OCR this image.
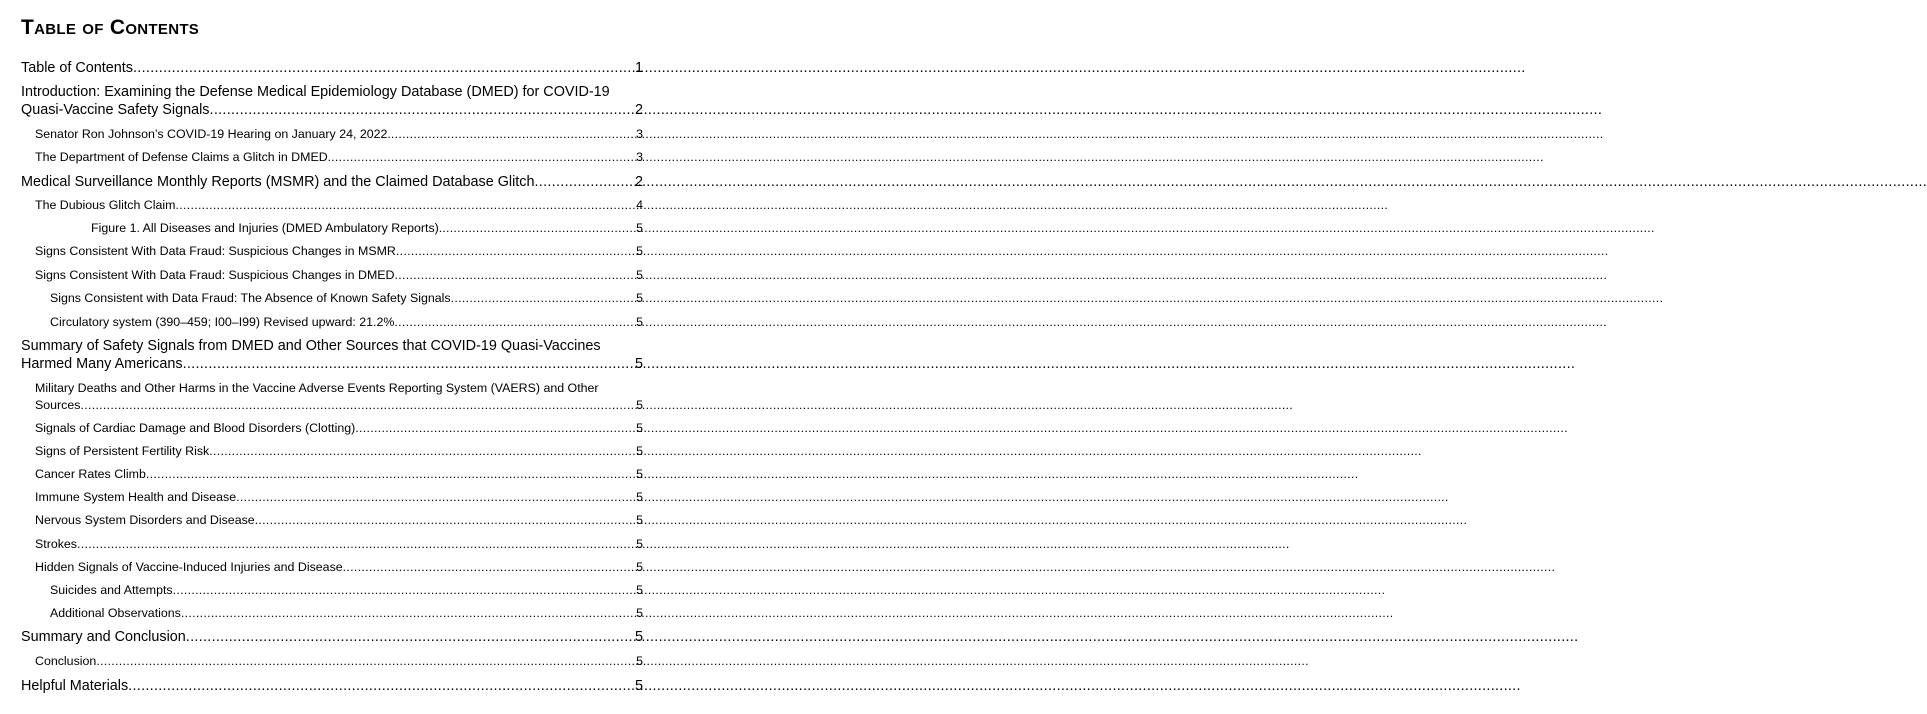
Table of Contents
Table of Contents .....	1
Introduction: Examining the Defense Medical Epidemiology Database (DMED) for COVID-19
Quasi-Vaccine Safety Signals .....	2
Senator Ron Johnson’s COVID-19 Hearing on January 24, 2022. .....	3
The Department of Defense Claims a Glitch in DMED. .....	3
Medical Surveillance Monthly Reports (MSMR) and the Claimed Database Glitch .....	2
The Dubious Glitch Claim .....	4
Figure 1. All Diseases and Injuries (DMED Ambulatory Reports). .....	5
Signs Consistent With Data Fraud: Suspicious Changes in MSMR .....	5
Signs Consistent With Data Fraud: Suspicious Changes in DMED .....	5
Signs Consistent with Data Fraud: The Absence of Known Safety Signals .....	5
Circulatory system (390–459; I00–I99) Revised upward: 21.2% .....	5
Summary of Safety Signals from DMED and Other Sources that COVID-19 Quasi-Vaccines
Harmed Many Americans .....	5
Military Deaths and Other Harms in the Vaccine Adverse Events Reporting System (VAERS) and Other
Sources .....	5
Signals of Cardiac Damage and Blood Disorders (Clotting) .....	5
Signs of Persistent Fertility Risk .....	5
Cancer Rates Climb .....	5
Immune System Health and Disease .....	5
Nervous System Disorders and Disease .....	5
Strokes .....	5
Hidden Signals of Vaccine-Induced Injuries and Disease .....	5
Suicides and Attempts .....	5
Additional Observations .....	5
Summary and Conclusion .....	5
Conclusion .....	5
Helpful Materials .....	5
